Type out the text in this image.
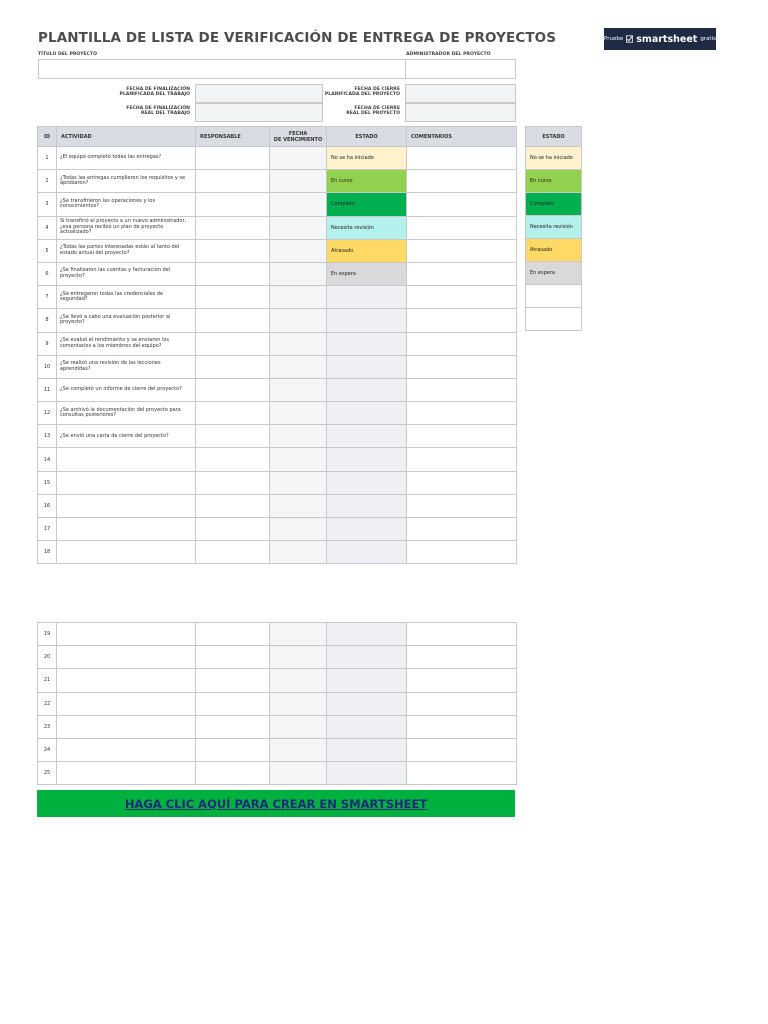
PLANTILLA DE LISTA DE VERIFICACIÓN DE ENTREGA DE PROYECTOS	Pruebe smartsheet gratis
TÍTULO DEL PROYECTO	ADMINISTRADOR DEL PROYECTO
FECHA DE FINALIZACIÓN
PLANIFICADA DEL TRABAJO
FECHA DE CIERRE
PLANIFICADA DEL PROYECTO
FECHA DE FINALIZACIÓN
REAL DEL TRABAJO
FECHA DE CIERRE
REAL DEL PROYECTO
ID	ACTIVIDAD	RESPONSABLE	FECHA
DE VENCIMIENTO	ESTADO	COMENTARIOS
1	¿El equipo completó todas las entregas?			No se ha iniciado	
2	¿Todas las entregas cumplieron los requisitos y se aprobaron?			En curso	
3	¿Se transfirieron las operaciones y los conocimientos?			Completo	
4	Si transfirió el proyecto a un nuevo administrador, ¿esa persona recibió un plan de proyecto actualizado?			Necesita revisión	
5	¿Todas las partes interesadas están al tanto del estado actual del proyecto?			Atrasado	
6	¿Se finalizaron las cuentas y facturación del proyecto?			En espera	
7	¿Se entregaron todas las credenciales de seguridad?				
8	¿Se llevó a cabo una evaluación posterior al proyecto?				
9	¿Se evaluó el rendimiento y se enviaron los comentarios a los miembros del equipo?				
10	¿Se realizó una revisión de las lecciones aprendidas?				
11	¿Se completó un informe de cierre del proyecto?				
12	¿Se archivó la documentación del proyecto para consultas posteriores?				
13	¿Se envió una carta de cierre del proyecto?				
14					
15					
16					
17					
18					
19					
20					
21					
22					
23					
24					
25					
ESTADO
No se ha iniciado
En curso
Completo
Necesita revisión
Atrasado
En espera

HAGA CLIC AQUÍ PARA CREAR EN SMARTSHEET
